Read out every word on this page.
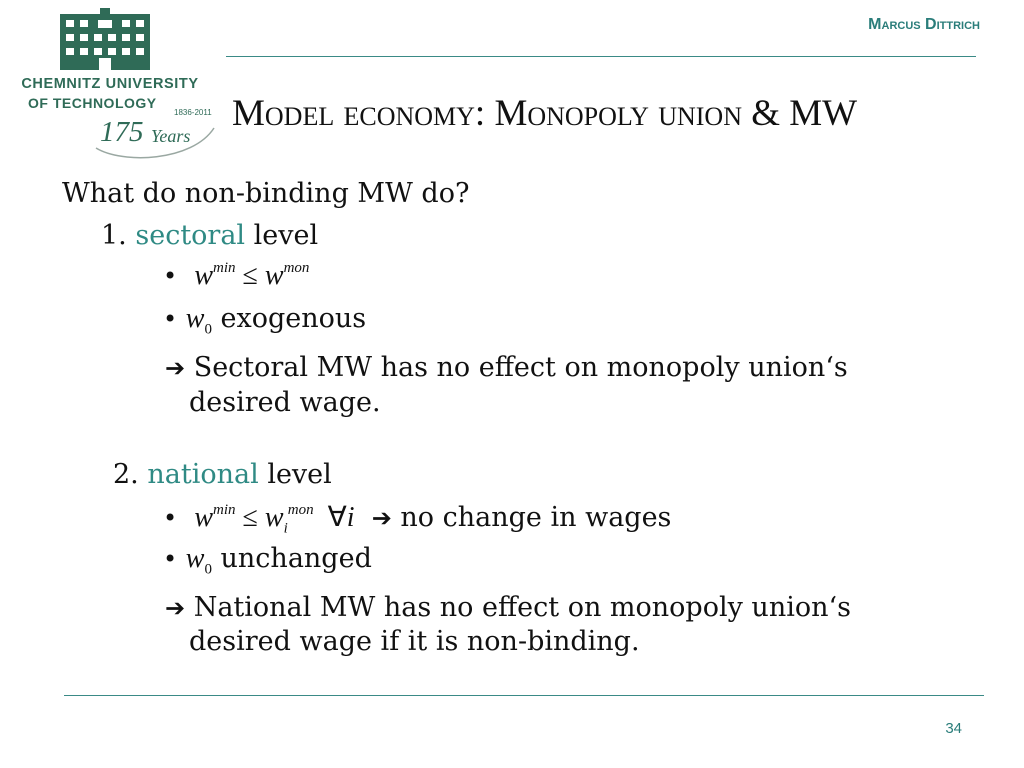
CHEMNITZ UNIVERSITY
OF TECHNOLOGY
1836-2011
175 Years
Marcus Dittrich
Model economy: Monopoly union & MW
What do non-binding MW do?
1. sectoral level
• $w^{min} \le w^{mon}$
• $w_0$ exogenous
➔ Sectoral MW has no effect on monopoly union‘s
desired wage.
2. national level
• $w^{min} \le w_i^{mon}$ ∀i ➔ no change in wages
• $w_0$ unchanged
➔ National MW has no effect on monopoly union‘s
desired wage if it is non-binding.
34
